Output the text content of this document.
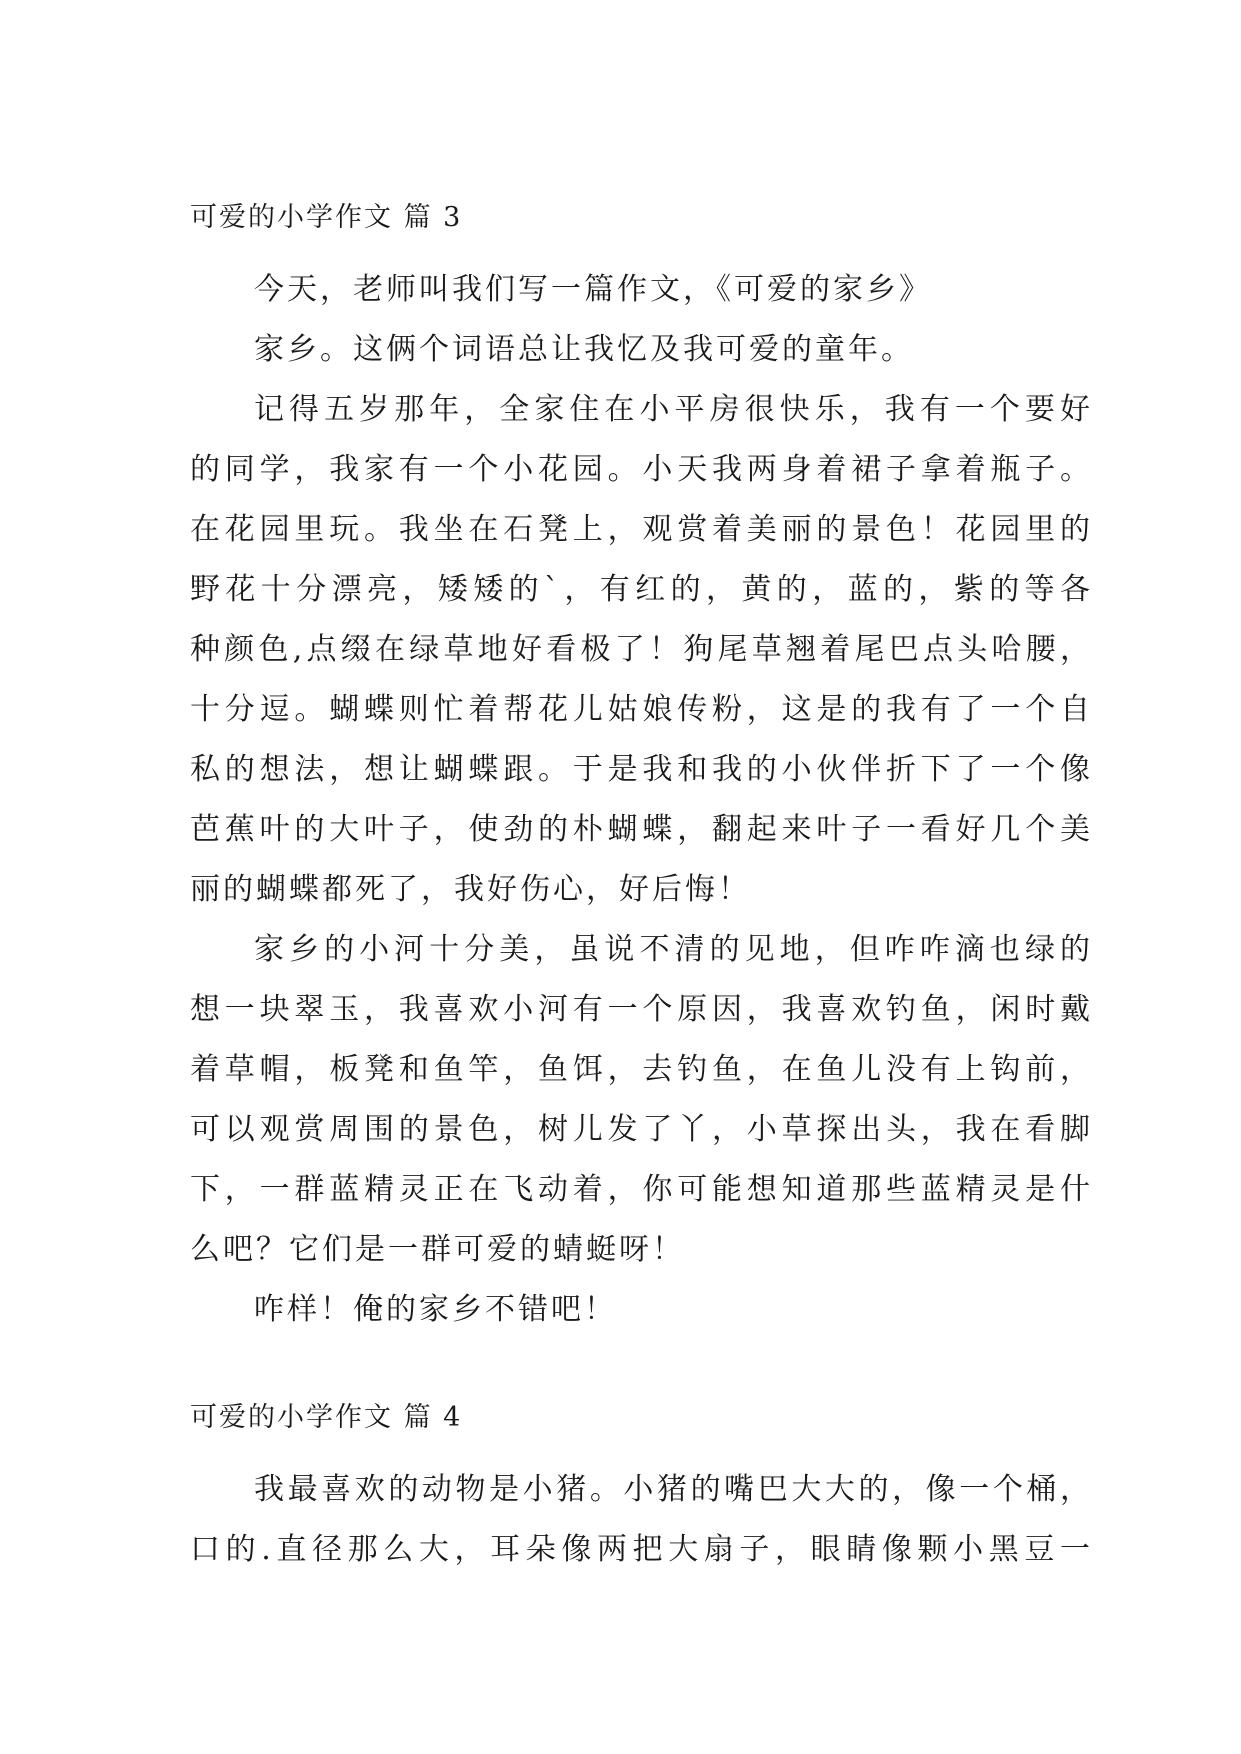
可爱的小学作文 篇 3
今天，老师叫我们写一篇作文，《可爱的家乡》
家乡。这俩个词语总让我忆及我可爱的童年。
记得五岁那年，全家住在小平房很快乐，我有一个要好
的同学，我家有一个小花园。小天我两身着裙子拿着瓶子。
在花园里玩。我坐在石凳上，观赏着美丽的景色！花园里的
野花十分漂亮，矮矮的`，有红的，黄的，蓝的，紫的等各
种颜色,点缀在绿草地好看极了！狗尾草翘着尾巴点头哈腰，
十分逗。蝴蝶则忙着帮花儿姑娘传粉，这是的我有了一个自
私的想法，想让蝴蝶跟。于是我和我的小伙伴折下了一个像
芭蕉叶的大叶子，使劲的朴蝴蝶，翻起来叶子一看好几个美
丽的蝴蝶都死了，我好伤心，好后悔！
家乡的小河十分美，虽说不清的见地，但咋咋滴也绿的
想一块翠玉，我喜欢小河有一个原因，我喜欢钓鱼，闲时戴
着草帽，板凳和鱼竿，鱼饵，去钓鱼，在鱼儿没有上钩前，
可以观赏周围的景色，树儿发了丫，小草探出头，我在看脚
下，一群蓝精灵正在飞动着，你可能想知道那些蓝精灵是什
么吧？它们是一群可爱的蜻蜓呀！
咋样！俺的家乡不错吧！
可爱的小学作文 篇 4
我最喜欢的动物是小猪。小猪的嘴巴大大的，像一个桶，
口的.直径那么大，耳朵像两把大扇子，眼睛像颗小黑豆一
